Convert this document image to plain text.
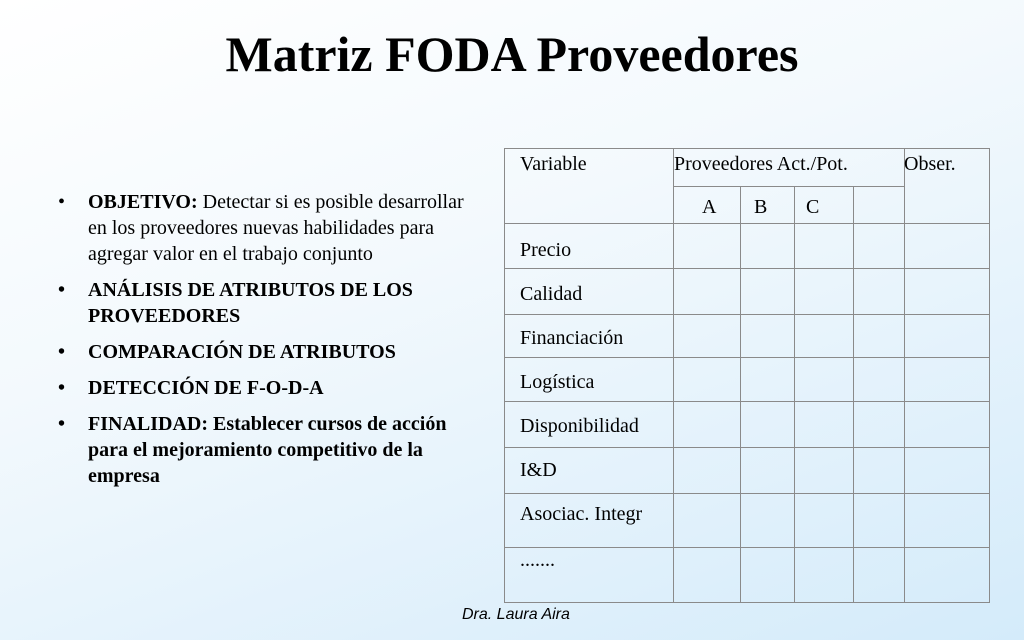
Matriz FODA Proveedores
• OBJETIVO: Detectar si es posible desarrollar en los proveedores nuevas habilidades para agregar valor en el trabajo conjunto
• ANÁLISIS DE ATRIBUTOS DE LOS PROVEEDORES
• COMPARACIÓN DE ATRIBUTOS
• DETECCIÓN DE F-O-D-A
• FINALIDAD: Establecer cursos de acción para el mejoramiento competitivo de la empresa
Variable	Proveedores Act./Pot.	Obser.
A B C
Precio
Calidad
Financiación
Logística
Disponibilidad
I&D
Asociac. Integr
.......
Dra. Laura Aira
